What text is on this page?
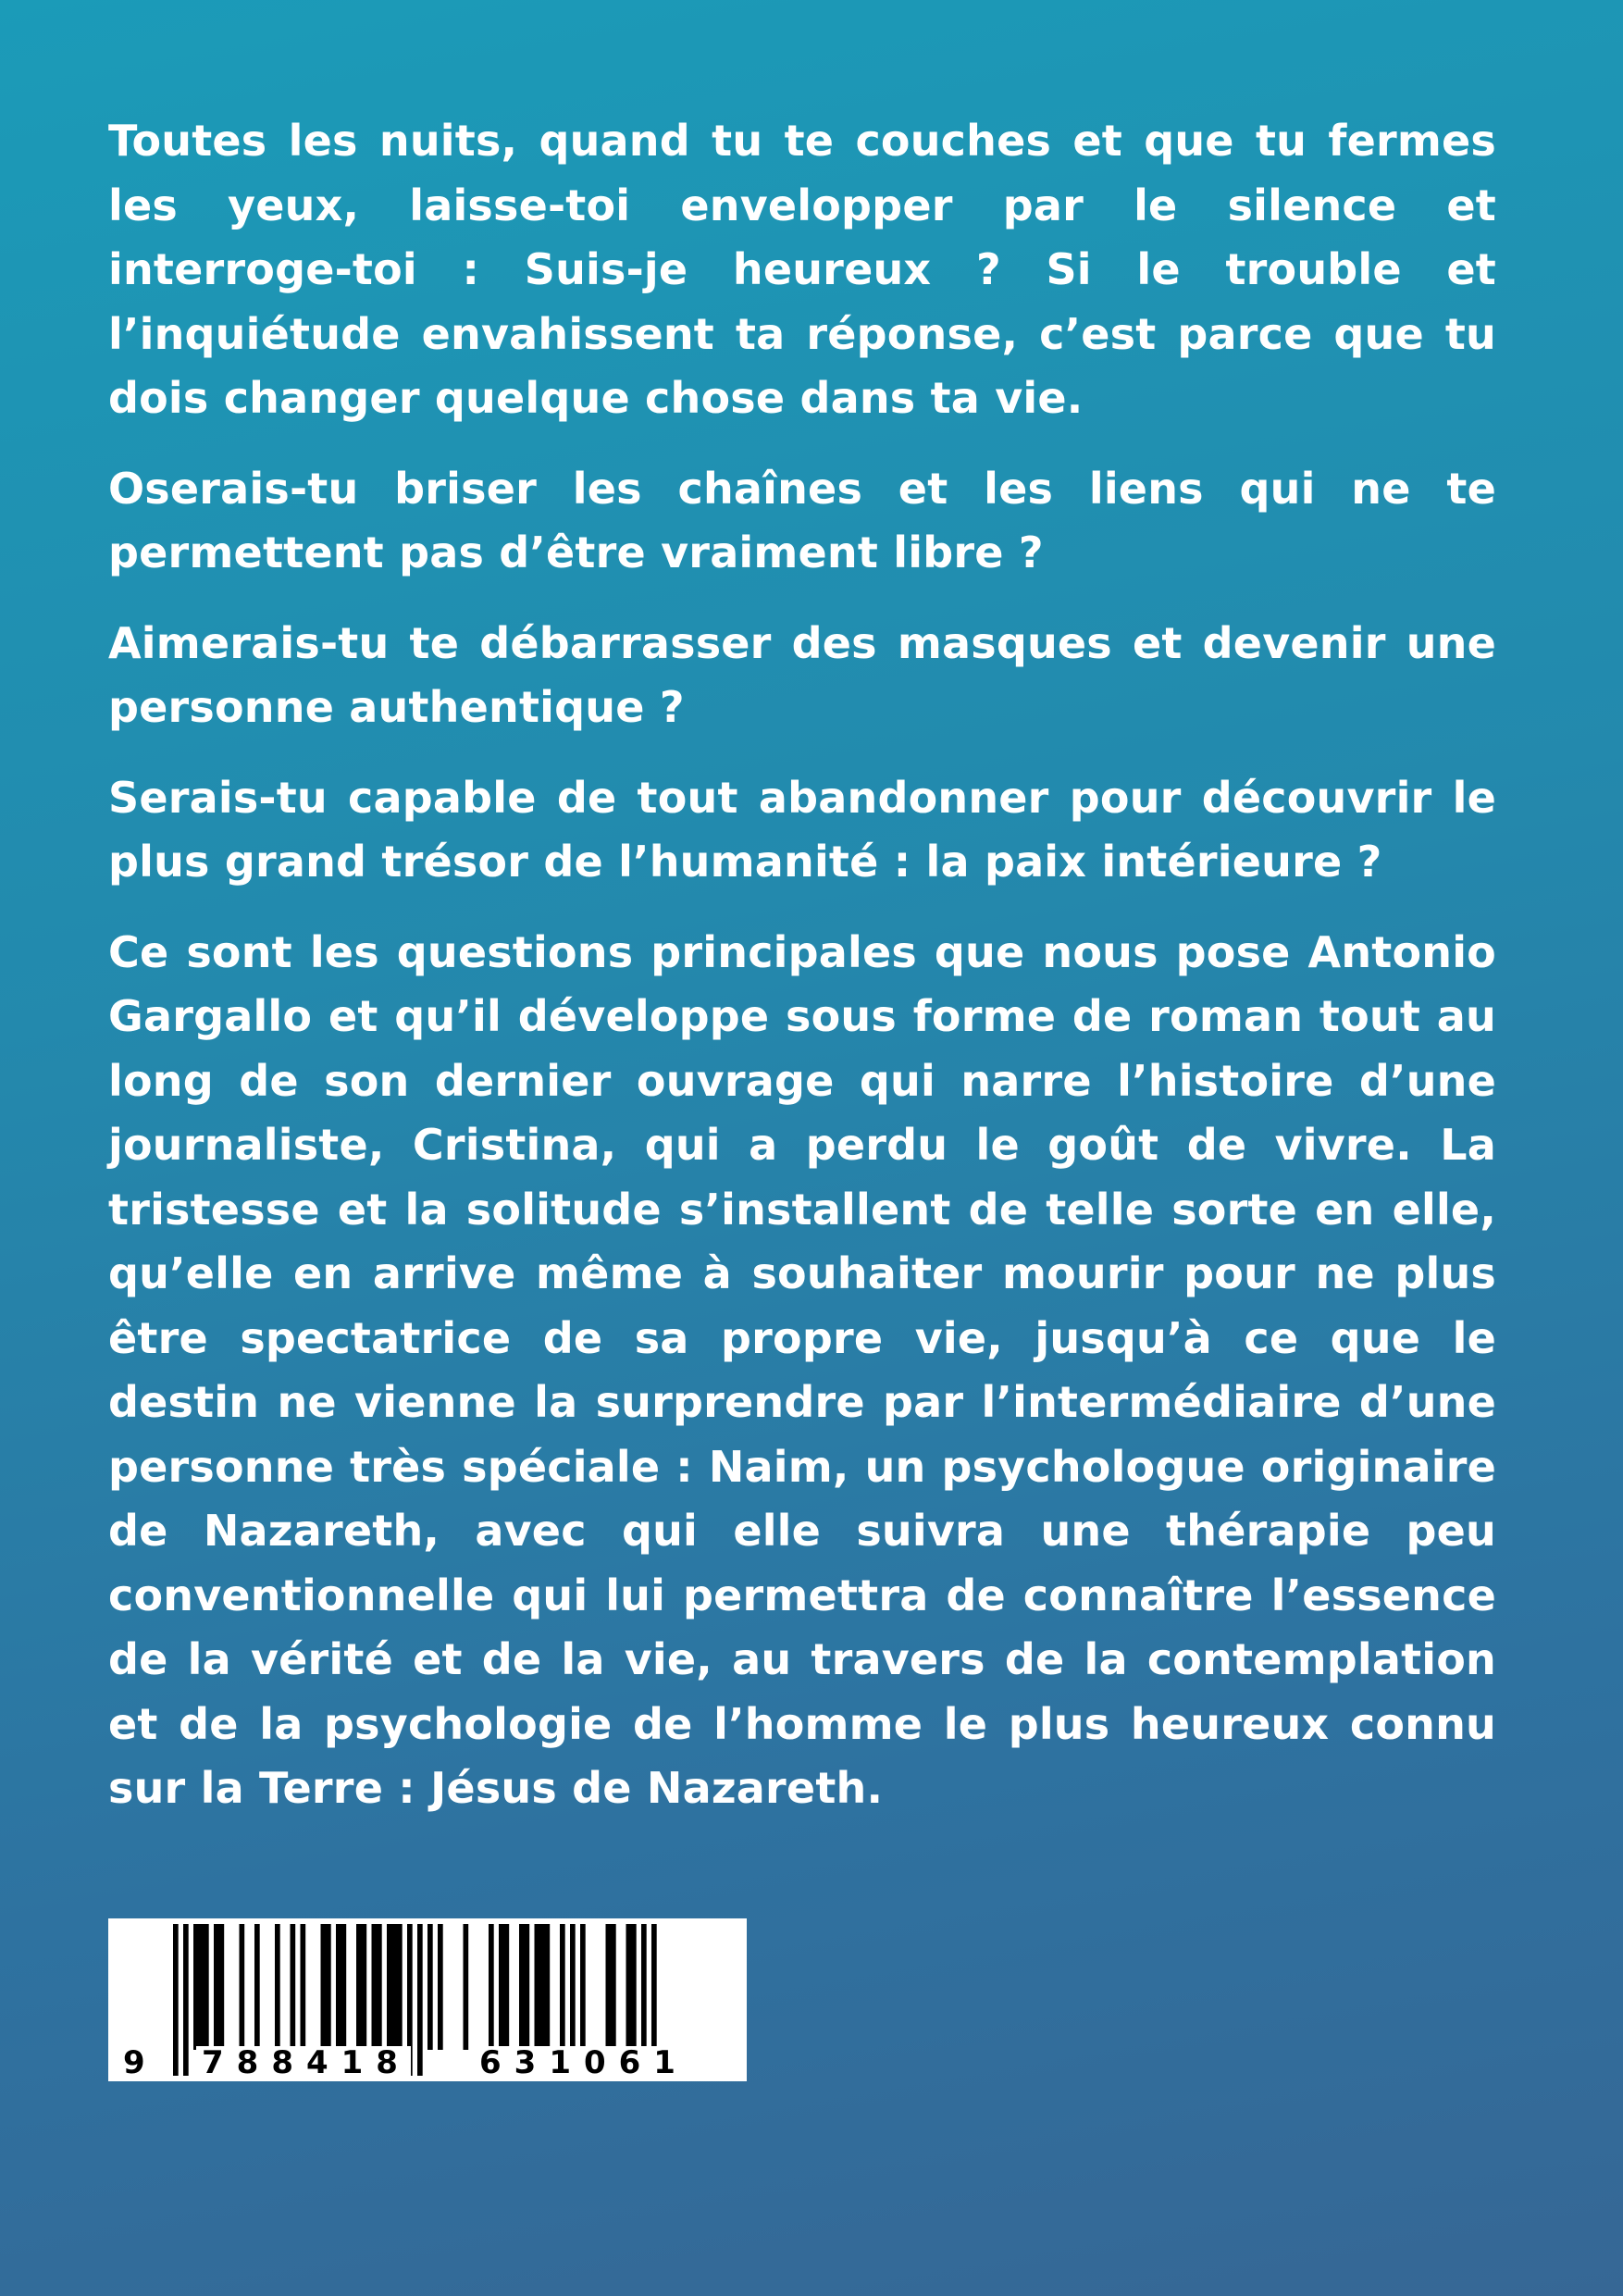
Toutes les nuits, quand tu te couches et que tu fermes les yeux, laisse-toi envelopper par le silence et interroge-toi : Suis-je heureux ? Si le trouble et l’inquiétude envahissent ta réponse, c’est parce que tu dois changer quelque chose dans ta vie.

Oserais-tu briser les chaînes et les liens qui ne te permettent pas d’être vraiment libre ?

Aimerais-tu te débarrasser des masques et devenir une personne authentique ?

Serais-tu capable de tout abandonner pour découvrir le plus grand trésor de l’humanité : la paix intérieure ?

Ce sont les questions principales que nous pose Antonio Gargallo et qu’il développe sous forme de roman tout au long de son dernier ouvrage qui narre l’histoire d’une journaliste, Cristina, qui a perdu le goût de vivre. La tristesse et la solitude s’installent de telle sorte en elle, qu’elle en arrive même à souhaiter mourir pour ne plus être spectatrice de sa propre vie, jusqu’à ce que le destin ne vienne la surprendre par l’intermédiaire d’une personne très spéciale : Naim, un psychologue originaire de Nazareth, avec qui elle suivra une thérapie peu conventionnelle qui lui permettra de connaître l’essence de la vérité et de la vie, au travers de la contemplation et de la psychologie de l’homme le plus heureux connu sur la Terre : Jésus de Nazareth.

9 788418 631061
